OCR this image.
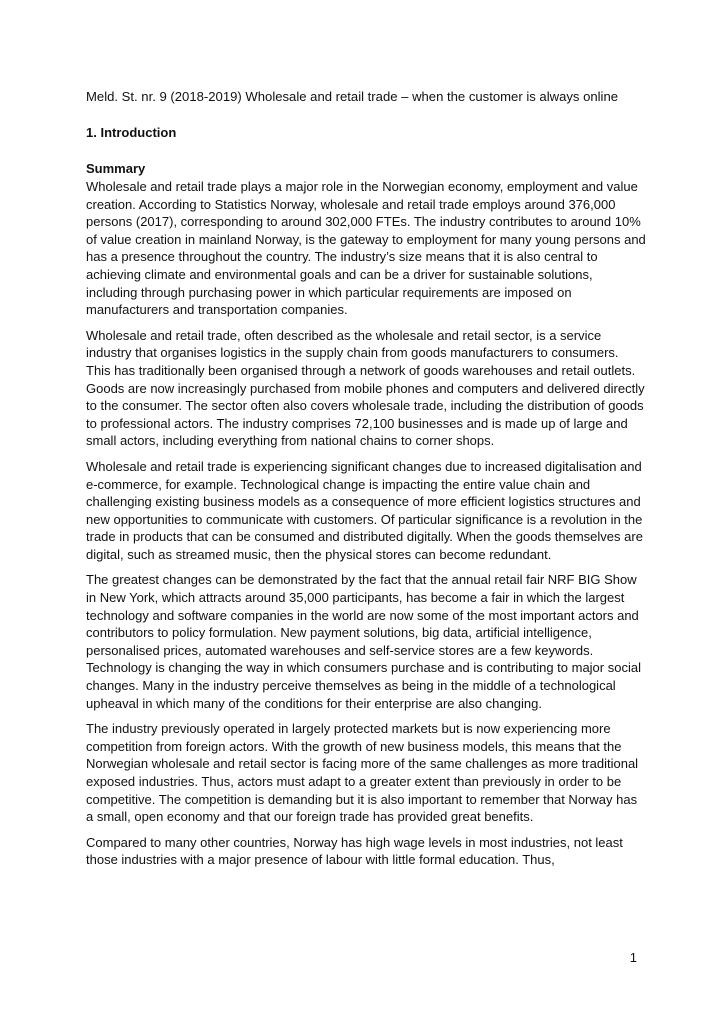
Meld. St. nr. 9 (2018-2019) Wholesale and retail trade – when the customer is always online

1. Introduction

Summary

Wholesale and retail trade plays a major role in the Norwegian economy, employment and value creation. According to Statistics Norway, wholesale and retail trade employs around 376,000 persons (2017), corresponding to around 302,000 FTEs. The industry contributes to around 10% of value creation in mainland Norway, is the gateway to employment for many young persons and has a presence throughout the country. The industry’s size means that it is also central to achieving climate and environmental goals and can be a driver for sustainable solutions, including through purchasing power in which particular requirements are imposed on manufacturers and transportation companies.

Wholesale and retail trade, often described as the wholesale and retail sector, is a service industry that organises logistics in the supply chain from goods manufacturers to consumers. This has traditionally been organised through a network of goods warehouses and retail outlets. Goods are now increasingly purchased from mobile phones and computers and delivered directly to the consumer. The sector often also covers wholesale trade, including the distribution of goods to professional actors. The industry comprises 72,100 businesses and is made up of large and small actors, including everything from national chains to corner shops.

Wholesale and retail trade is experiencing significant changes due to increased digitalisation and e-commerce, for example. Technological change is impacting the entire value chain and challenging existing business models as a consequence of more efficient logistics structures and new opportunities to communicate with customers. Of particular significance is a revolution in the trade in products that can be consumed and distributed digitally. When the goods themselves are digital, such as streamed music, then the physical stores can become redundant.

The greatest changes can be demonstrated by the fact that the annual retail fair NRF BIG Show in New York, which attracts around 35,000 participants, has become a fair in which the largest technology and software companies in the world are now some of the most important actors and contributors to policy formulation. New payment solutions, big data, artificial intelligence, personalised prices, automated warehouses and self-service stores are a few keywords. Technology is changing the way in which consumers purchase and is contributing to major social changes. Many in the industry perceive themselves as being in the middle of a technological upheaval in which many of the conditions for their enterprise are also changing.

The industry previously operated in largely protected markets but is now experiencing more competition from foreign actors. With the growth of new business models, this means that the Norwegian wholesale and retail sector is facing more of the same challenges as more traditional exposed industries. Thus, actors must adapt to a greater extent than previously in order to be competitive. The competition is demanding but it is also important to remember that Norway has a small, open economy and that our foreign trade has provided great benefits.

Compared to many other countries, Norway has high wage levels in most industries, not least those industries with a major presence of labour with little formal education. Thus,

1
